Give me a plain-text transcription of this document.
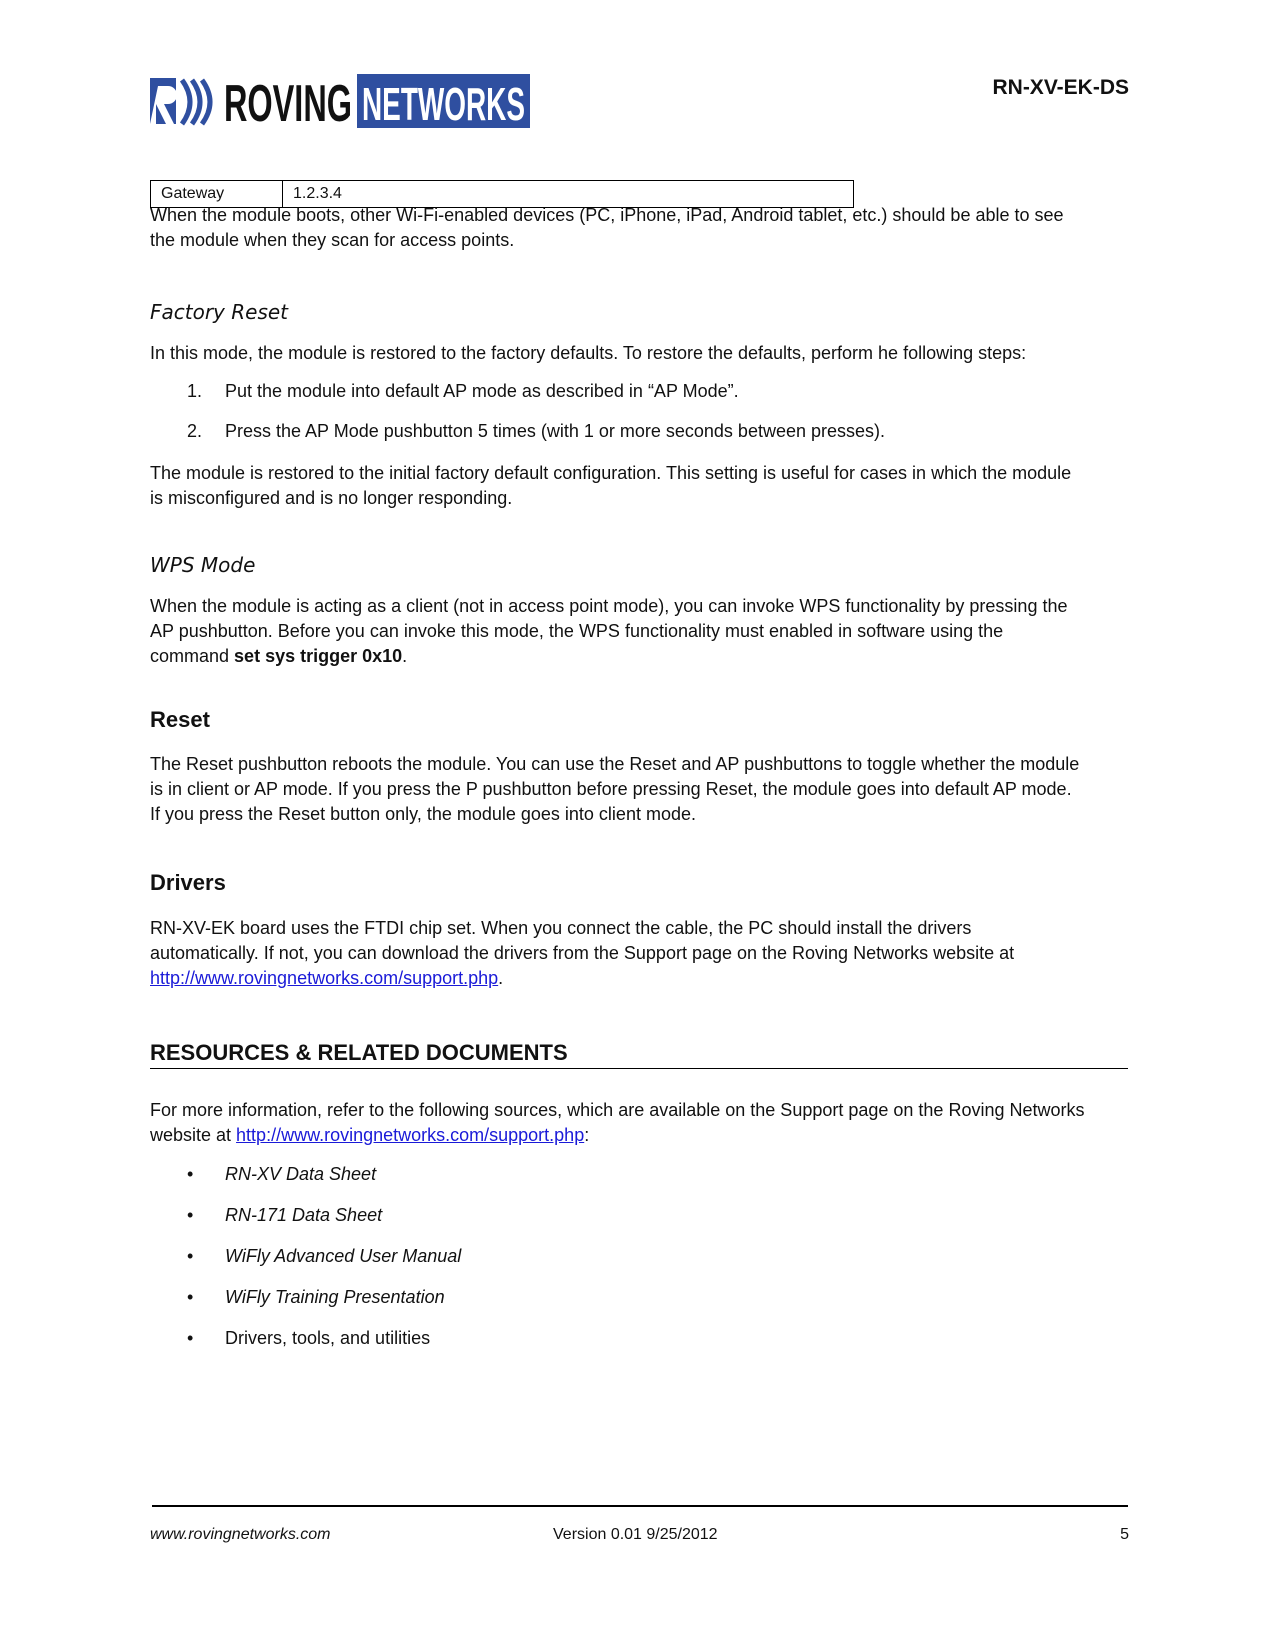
ROVING NETWORKS	RN-XV-EK-DS
Gateway	1.2.3.4
When the module boots, other Wi-Fi-enabled devices (PC, iPhone, iPad, Android tablet, etc.) should be able to see
the module when they scan for access points.
Factory Reset
In this mode, the module is restored to the factory defaults. To restore the defaults, perform he following steps:
1. Put the module into default AP mode as described in “AP Mode”.
2. Press the AP Mode pushbutton 5 times (with 1 or more seconds between presses).
The module is restored to the initial factory default configuration. This setting is useful for cases in which the module
is misconfigured and is no longer responding.
WPS Mode
When the module is acting as a client (not in access point mode), you can invoke WPS functionality by pressing the
AP pushbutton. Before you can invoke this mode, the WPS functionality must enabled in software using the
command set sys trigger 0x10.
Reset
The Reset pushbutton reboots the module. You can use the Reset and AP pushbuttons to toggle whether the module
is in client or AP mode. If you press the P pushbutton before pressing Reset, the module goes into default AP mode.
If you press the Reset button only, the module goes into client mode.
Drivers
RN-XV-EK board uses the FTDI chip set. When you connect the cable, the PC should install the drivers
automatically. If not, you can download the drivers from the Support page on the Roving Networks website at
http://www.rovingnetworks.com/support.php.
RESOURCES & RELATED DOCUMENTS
For more information, refer to the following sources, which are available on the Support page on the Roving Networks
website at http://www.rovingnetworks.com/support.php:
• RN-XV Data Sheet
• RN-171 Data Sheet
• WiFly Advanced User Manual
• WiFly Training Presentation
• Drivers, tools, and utilities
www.rovingnetworks.com	Version 0.01 9/25/2012	5
